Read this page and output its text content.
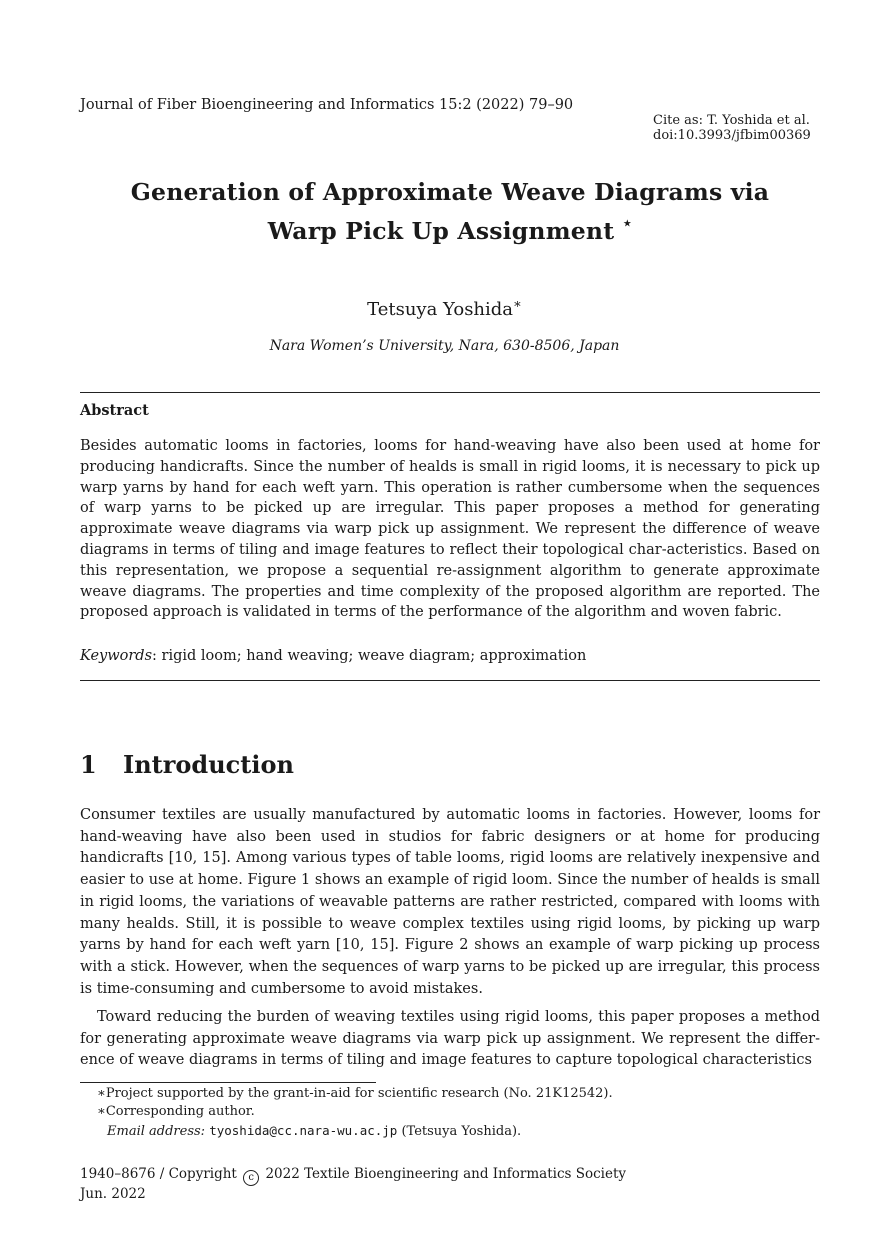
Journal of Fiber Bioengineering and Informatics 15:2 (2022) 79–90
Cite as: T. Yoshida et al.
doi:10.3993/jfbim00369
Generation of Approximate Weave Diagrams via
Warp Pick Up Assignment ⋆
Tetsuya Yoshida∗
Nara Women’s University, Nara, 630-8506, Japan
Abstract
Besides automatic looms in factories, looms for hand-weaving have also been used at home for producing handicrafts. Since the number of healds is small in rigid looms, it is necessary to pick up warp yarns by hand for each weft yarn. This operation is rather cumbersome when the sequences of warp yarns to be picked up are irregular. This paper proposes a method for generating approximate weave diagrams via warp pick up assignment. We represent the difference of weave diagrams in terms of tiling and image features to reflect their topological char-acteristics. Based on this representation, we propose a sequential re-assignment algorithm to generate approximate weave diagrams. The properties and time complexity of the proposed algorithm are reported. The proposed approach is validated in terms of the performance of the algorithm and woven fabric.
Keywords: rigid loom; hand weaving; weave diagram; approximation
1 Introduction
Consumer textiles are usually manufactured by automatic looms in factories. However, looms for hand-weaving have also been used in studios for fabric designers or at home for producing handicrafts [10, 15]. Among various types of table looms, rigid looms are relatively inexpensive and easier to use at home. Figure 1 shows an example of rigid loom. Since the number of healds is small in rigid looms, the variations of weavable patterns are rather restricted, compared with looms with many healds. Still, it is possible to weave complex textiles using rigid looms, by picking up warp yarns by hand for each weft yarn [10, 15]. Figure 2 shows an example of warp picking up process with a stick. However, when the sequences of warp yarns to be picked up are irregular, this process is time-consuming and cumbersome to avoid mistakes.
Toward reducing the burden of weaving textiles using rigid looms, this paper proposes a method for generating approximate weave diagrams via warp pick up assignment. We represent the differ-ence of weave diagrams in terms of tiling and image features to capture topological characteristics
∗Project supported by the grant-in-aid for scientific research (No. 21K12542).
∗Corresponding author.
Email address: tyoshida@cc.nara-wu.ac.jp (Tetsuya Yoshida).
1940–8676 / Copyright c 2022 Textile Bioengineering and Informatics Society
Jun. 2022
